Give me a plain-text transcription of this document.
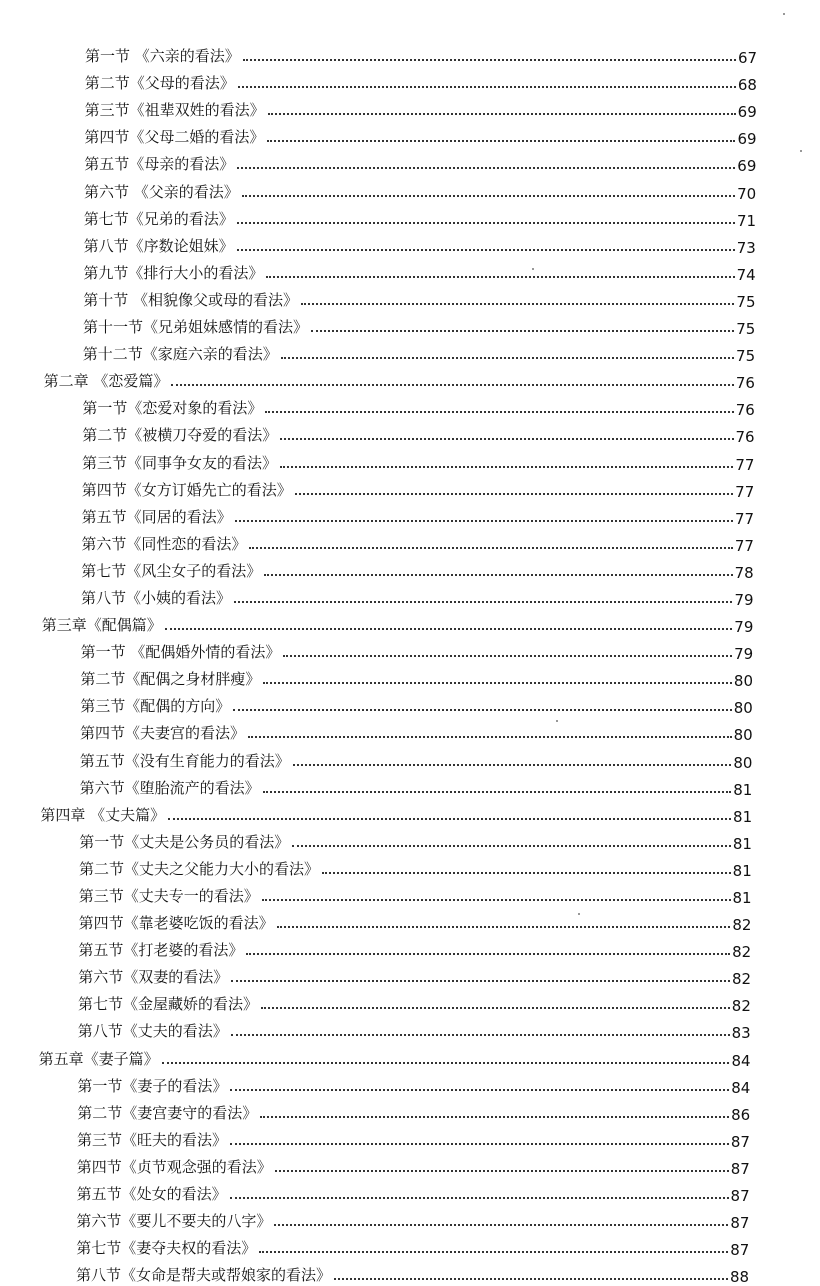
第一节 《六亲的看法》	67
第二节《父母的看法》	68
第三节《祖辈双姓的看法》	69
第四节《父母二婚的看法》	69
第五节《母亲的看法》	69
第六节 《父亲的看法》	70
第七节《兄弟的看法》	71
第八节《序数论姐妹》	73
第九节《排行大小的看法》	74
第十节 《相貌像父或母的看法》	75
第十一节《兄弟姐妹感情的看法》	75
第十二节《家庭六亲的看法》	75
第二章 《恋爱篇》	76
第一节《恋爱对象的看法》	76
第二节《被横刀夺爱的看法》	76
第三节《同事争女友的看法》	77
第四节《女方订婚先亡的看法》	77
第五节《同居的看法》	77
第六节《同性恋的看法》	77
第七节《风尘女子的看法》	78
第八节《小姨的看法》	79
第三章《配偶篇》	79
第一节 《配偶婚外情的看法》	79
第二节《配偶之身材胖瘦》	80
第三节《配偶的方向》	80
第四节《夫妻宫的看法》	80
第五节《没有生育能力的看法》	80
第六节《堕胎流产的看法》	81
第四章 《丈夫篇》	81
第一节《丈夫是公务员的看法》	81
第二节《丈夫之父能力大小的看法》	81
第三节《丈夫专一的看法》	81
第四节《靠老婆吃饭的看法》	82
第五节《打老婆的看法》	82
第六节《双妻的看法》	82
第七节《金屋藏娇的看法》	82
第八节《丈夫的看法》	83
第五章《妻子篇》	84
第一节《妻子的看法》	84
第二节《妻宫妻守的看法》	86
第三节《旺夫的看法》	87
第四节《贞节观念强的看法》	87
第五节《处女的看法》	87
第六节《要儿不要夫的八字》	87
第七节《妻夺夫权的看法》	87
第八节《女命是帮夫或帮娘家的看法》	88
